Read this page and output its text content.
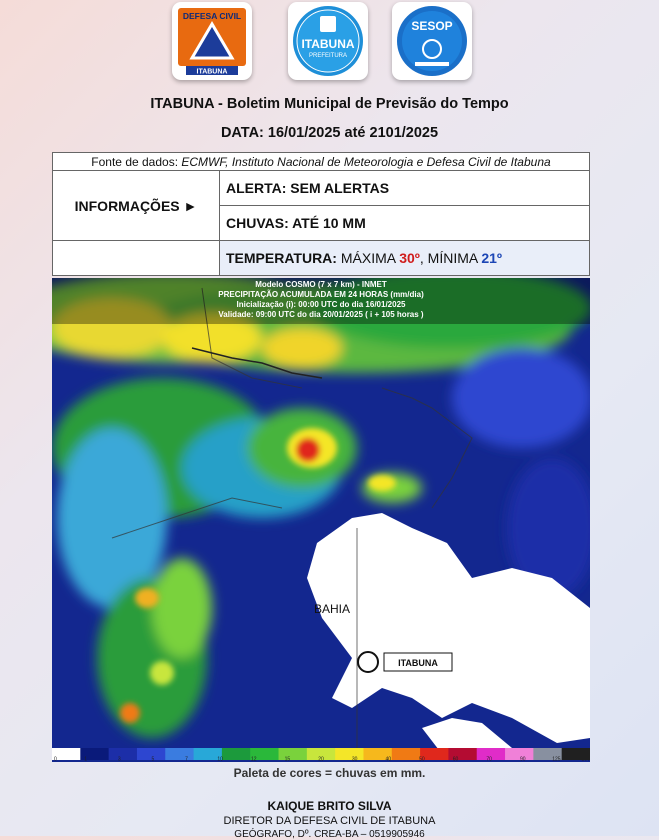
DEFESA CIVIL
ITABUNA
ITABUNA
PREFEITURA
SESOP
ITABUNA - Boletim Municipal de Previsão do Tempo
DATA: 16/01/2025 até 2101/2025
Fonte de dados: ECMWF, Instituto Nacional de Meteorologia e Defesa Civil de Itabuna	
INFORMAÇÕES ►	ALERTA: SEM ALERTAS
	CHUVAS: ATÉ 10 MM
	TEMPERATURA: MÁXIMA 30º, MÍNIMA 21º
Modelo COSMO (7 x 7 km) - INMET
PRECIPITAÇÃO ACUMULADA EM 24 HORAS (mm/dia)
Inicialização (i): 00:00 UTC do dia 16/01/2025
Validade: 09:00 UTC do dia 20/01/2025 ( i + 105 horas )
BAHIA
ITABUNA
0	1	3	5	7	10	12	15	20	30	40	50	60	70	90	125	200
Paleta de cores = chuvas em mm.
KAIQUE BRITO SILVA
DIRETOR DA DEFESA CIVIL DE ITABUNA
GEÓGRAFO, Dº. CREA-BA – 0519905946
